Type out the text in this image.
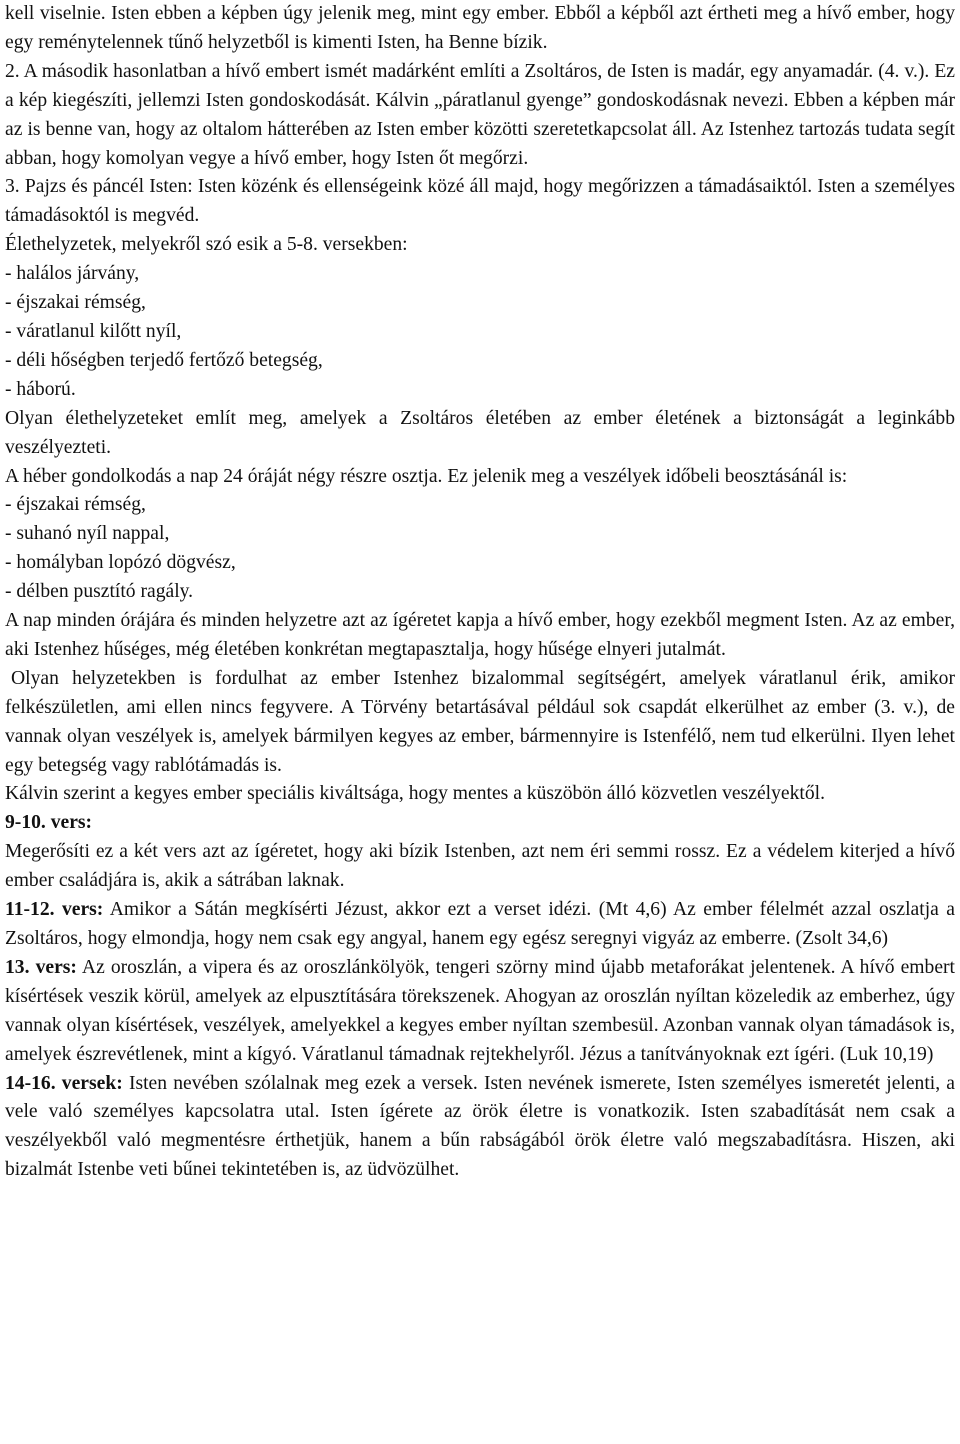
kell viselnie. Isten ebben a képben úgy jelenik meg, mint egy ember. Ebből a képből azt értheti meg a hívő ember, hogy egy reménytelennek tűnő helyzetből is kimenti Isten, ha Benne bízik.

2. A második hasonlatban a hívő embert ismét madárként említi a Zsoltáros, de Isten is madár, egy anyamadár. (4. v.). Ez a kép kiegészíti, jellemzi Isten gondoskodását. Kálvin „páratlanul gyenge” gondoskodásnak nevezi. Ebben a képben már az is benne van, hogy az oltalom hátterében az Isten ember közötti szeretetkapcsolat áll. Az Istenhez tartozás tudata segít abban, hogy komolyan vegye a hívő ember, hogy Isten őt megőrzi.

3. Pajzs és páncél Isten: Isten közénk és ellenségeink közé áll majd, hogy megőrizzen a támadásaiktól. Isten a személyes támadásoktól is megvéd.

Élethelyzetek, melyekről szó esik a 5-8. versekben:

- halálos járvány,

- éjszakai rémség,

- váratlanul kilőtt nyíl,

- déli hőségben terjedő fertőző betegség,

- háború.

Olyan élethelyzeteket említ meg, amelyek a Zsoltáros életében az ember életének a biztonságát a leginkább veszélyezteti.

A héber gondolkodás a nap 24 óráját négy részre osztja. Ez jelenik meg a veszélyek időbeli beosztásánál is:

- éjszakai rémség,

- suhanó nyíl nappal,

- homályban lopózó dögvész,

- délben pusztító ragály.

A nap minden órájára és minden helyzetre azt az ígéretet kapja a hívő ember, hogy ezekből megment Isten. Az az ember, aki Istenhez hűséges, még életében konkrétan megtapasztalja, hogy hűsége elnyeri jutalmát.

Olyan helyzetekben is fordulhat az ember Istenhez bizalommal segítségért, amelyek váratlanul érik, amikor felkészületlen, ami ellen nincs fegyvere. A Törvény betartásával például sok csapdát elkerülhet az ember (3. v.), de vannak olyan veszélyek is, amelyek bármilyen kegyes az ember, bármennyire is Istenfélő, nem tud elkerülni. Ilyen lehet egy betegség vagy rablótámadás is.

Kálvin szerint a kegyes ember speciális kiváltsága, hogy mentes a küszöbön álló közvetlen veszélyektől.

9-10. vers:

Megerősíti ez a két vers azt az ígéretet, hogy aki bízik Istenben, azt nem éri semmi rossz. Ez a védelem kiterjed a hívő ember családjára is, akik a sátrában laknak.

11-12. vers: Amikor a Sátán megkísérti Jézust, akkor ezt a verset idézi. (Mt 4,6) Az ember félelmét azzal oszlatja a Zsoltáros, hogy elmondja, hogy nem csak egy angyal, hanem egy egész seregnyi vigyáz az emberre. (Zsolt 34,6)

13. vers: Az oroszlán, a vipera és az oroszlánkölyök, tengeri szörny mind újabb metaforákat jelentenek. A hívő embert kísértések veszik körül, amelyek az elpusztítására törekszenek. Ahogyan az oroszlán nyíltan közeledik az emberhez, úgy vannak olyan kísértések, veszélyek, amelyekkel a kegyes ember nyíltan szembesül. Azonban vannak olyan támadások is, amelyek észrevétlenek, mint a kígyó. Váratlanul támadnak rejtekhelyről. Jézus a tanítványoknak ezt ígéri. (Luk 10,19)

14-16. versek: Isten nevében szólalnak meg ezek a versek. Isten nevének ismerete, Isten személyes ismeretét jelenti, a vele való személyes kapcsolatra utal. Isten ígérete az örök életre is vonatkozik. Isten szabadítását nem csak a veszélyekből való megmentésre érthetjük, hanem a bűn rabságából örök életre való megszabadításra. Hiszen, aki bizalmát Istenbe veti bűnei tekintetében is, az üdvözülhet.
